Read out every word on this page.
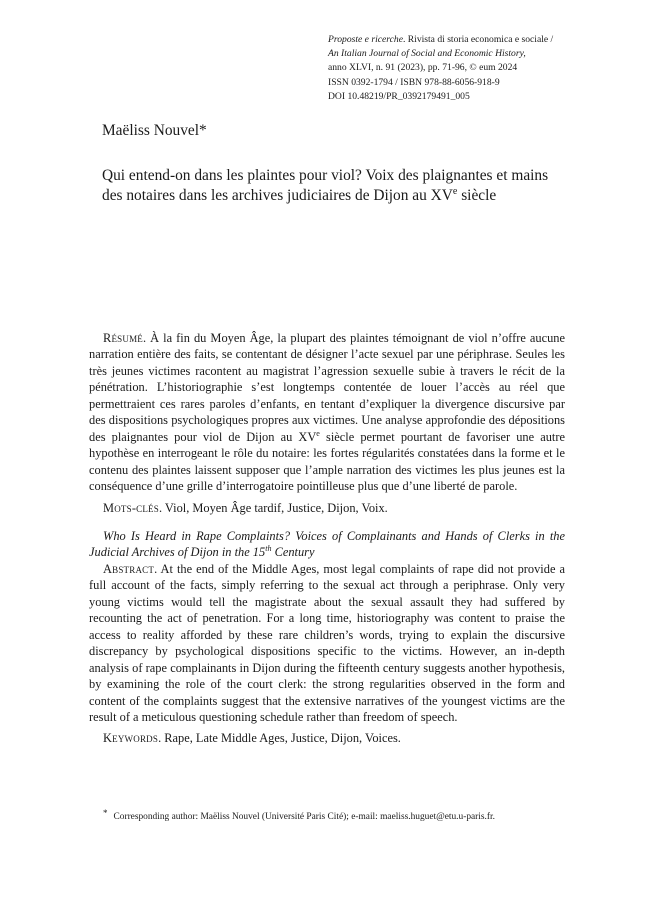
Proposte e ricerche. Rivista di storia economica e sociale /
An Italian Journal of Social and Economic History,
anno XLVI, n. 91 (2023), pp. 71-96, © eum 2024
ISSN 0392-1794 / ISBN 978-88-6056-918-9
DOI 10.48219/PR_0392179491_005
Maëliss Nouvel*
Qui entend-on dans les plaintes pour viol? Voix des plaignantes et mains
des notaires dans les archives judiciaires de Dijon au XVe siècle

Résumé. À la fin du Moyen Âge, la plupart des plaintes témoignant de viol n’offre aucune narration entière des faits, se contentant de désigner l’acte sexuel par une périphrase. Seules les très jeunes victimes racontent au magistrat l’agression sexuelle subie à travers le récit de la pénétration. L’historiographie s’est longtemps contentée de louer l’accès au réel que permettraient ces rares paroles d’enfants, en tentant d’expliquer la divergence discursive par des dispositions psychologiques propres aux victimes. Une analyse approfondie des dépositions des plaignantes pour viol de Dijon au XVe siècle permet pourtant de favoriser une autre hypothèse en interrogeant le rôle du notaire: les fortes régularités constatées dans la forme et le contenu des plaintes laissent supposer que l’ample narration des victimes les plus jeunes est la conséquence d’une grille d’interrogatoire pointilleuse plus que d’une liberté de parole.

Mots-clés. Viol, Moyen Âge tardif, Justice, Dijon, Voix.

Who Is Heard in Rape Complaints? Voices of Complainants and Hands of Clerks in the Judicial Archives of Dijon in the 15th Century

Abstract. At the end of the Middle Ages, most legal complaints of rape did not provide a full account of the facts, simply referring to the sexual act through a periphrase. Only very young victims would tell the magistrate about the sexual assault they had suffered by recounting the act of penetration. For a long time, historiography was content to praise the access to reality afforded by these rare children’s words, trying to explain the discursive discrepancy by psychological dispositions specific to the victims. However, an in-depth analysis of rape complainants in Dijon during the fifteenth century suggests another hypothesis, by examining the role of the court clerk: the strong regularities observed in the form and content of the complaints suggest that the extensive narratives of the youngest victims are the result of a meticulous questioning schedule rather than freedom of speech.

Keywords. Rape, Late Middle Ages, Justice, Dijon, Voices.

* Corresponding author: Maëliss Nouvel (Université Paris Cité); e-mail: maeliss.huguet@etu.u-paris.fr.
